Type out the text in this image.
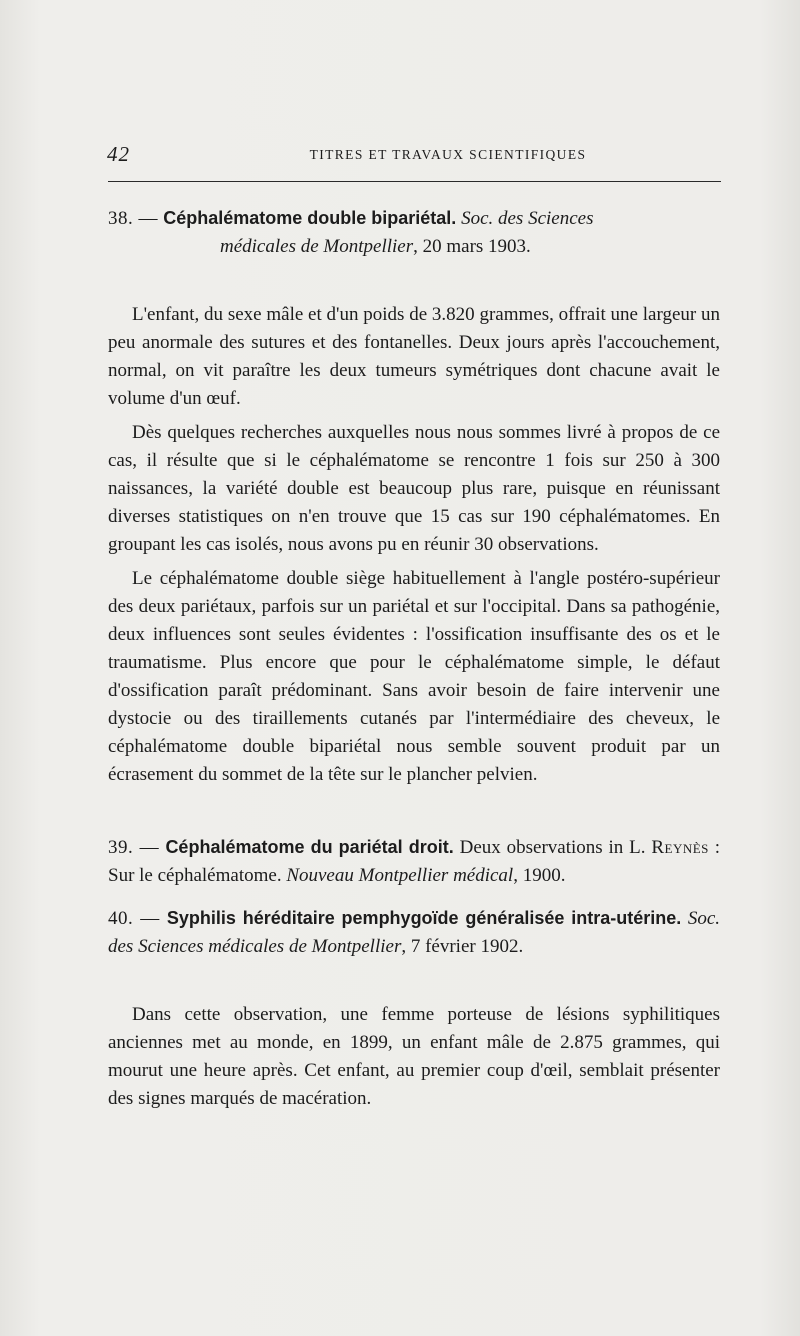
42	TITRES ET TRAVAUX SCIENTIFIQUES

38. — Céphalématome double bipariétal. Soc. des Sciences
médicales de Montpellier, 20 mars 1903.

L'enfant, du sexe mâle et d'un poids de 3.820 grammes, offrait une largeur un peu anormale des sutures et des fontanelles. Deux jours après l'accouchement, normal, on vit paraître les deux tumeurs symétriques dont chacune avait le volume d'un œuf.

Dès quelques recherches auxquelles nous nous sommes livré à propos de ce cas, il résulte que si le céphalématome se rencontre 1 fois sur 250 à 300 naissances, la variété double est beaucoup plus rare, puisque en réunissant diverses statistiques on n'en trouve que 15 cas sur 190 céphalématomes. En groupant les cas isolés, nous avons pu en réunir 30 observations.

Le céphalématome double siège habituellement à l'angle postéro-supérieur des deux pariétaux, parfois sur un pariétal et sur l'occipital. Dans sa pathogénie, deux influences sont seules évidentes : l'ossification insuffisante des os et le traumatisme. Plus encore que pour le céphalématome simple, le défaut d'ossification paraît prédominant. Sans avoir besoin de faire intervenir une dystocie ou des tiraillements cutanés par l'intermédiaire des cheveux, le céphalématome double bipariétal nous semble souvent produit par un écrasement du sommet de la tête sur le plancher pelvien.

39. — Céphalématome du pariétal droit. Deux observations in L. Reynès : Sur le céphalématome. Nouveau Montpellier médical, 1900.

40. — Syphilis héréditaire pemphygoïde généralisée intra-utérine. Soc. des Sciences médicales de Montpellier, 7 février 1902.

Dans cette observation, une femme porteuse de lésions syphilitiques anciennes met au monde, en 1899, un enfant mâle de 2.875 grammes, qui mourut une heure après. Cet enfant, au premier coup d'œil, semblait présenter des signes marqués de macération.
